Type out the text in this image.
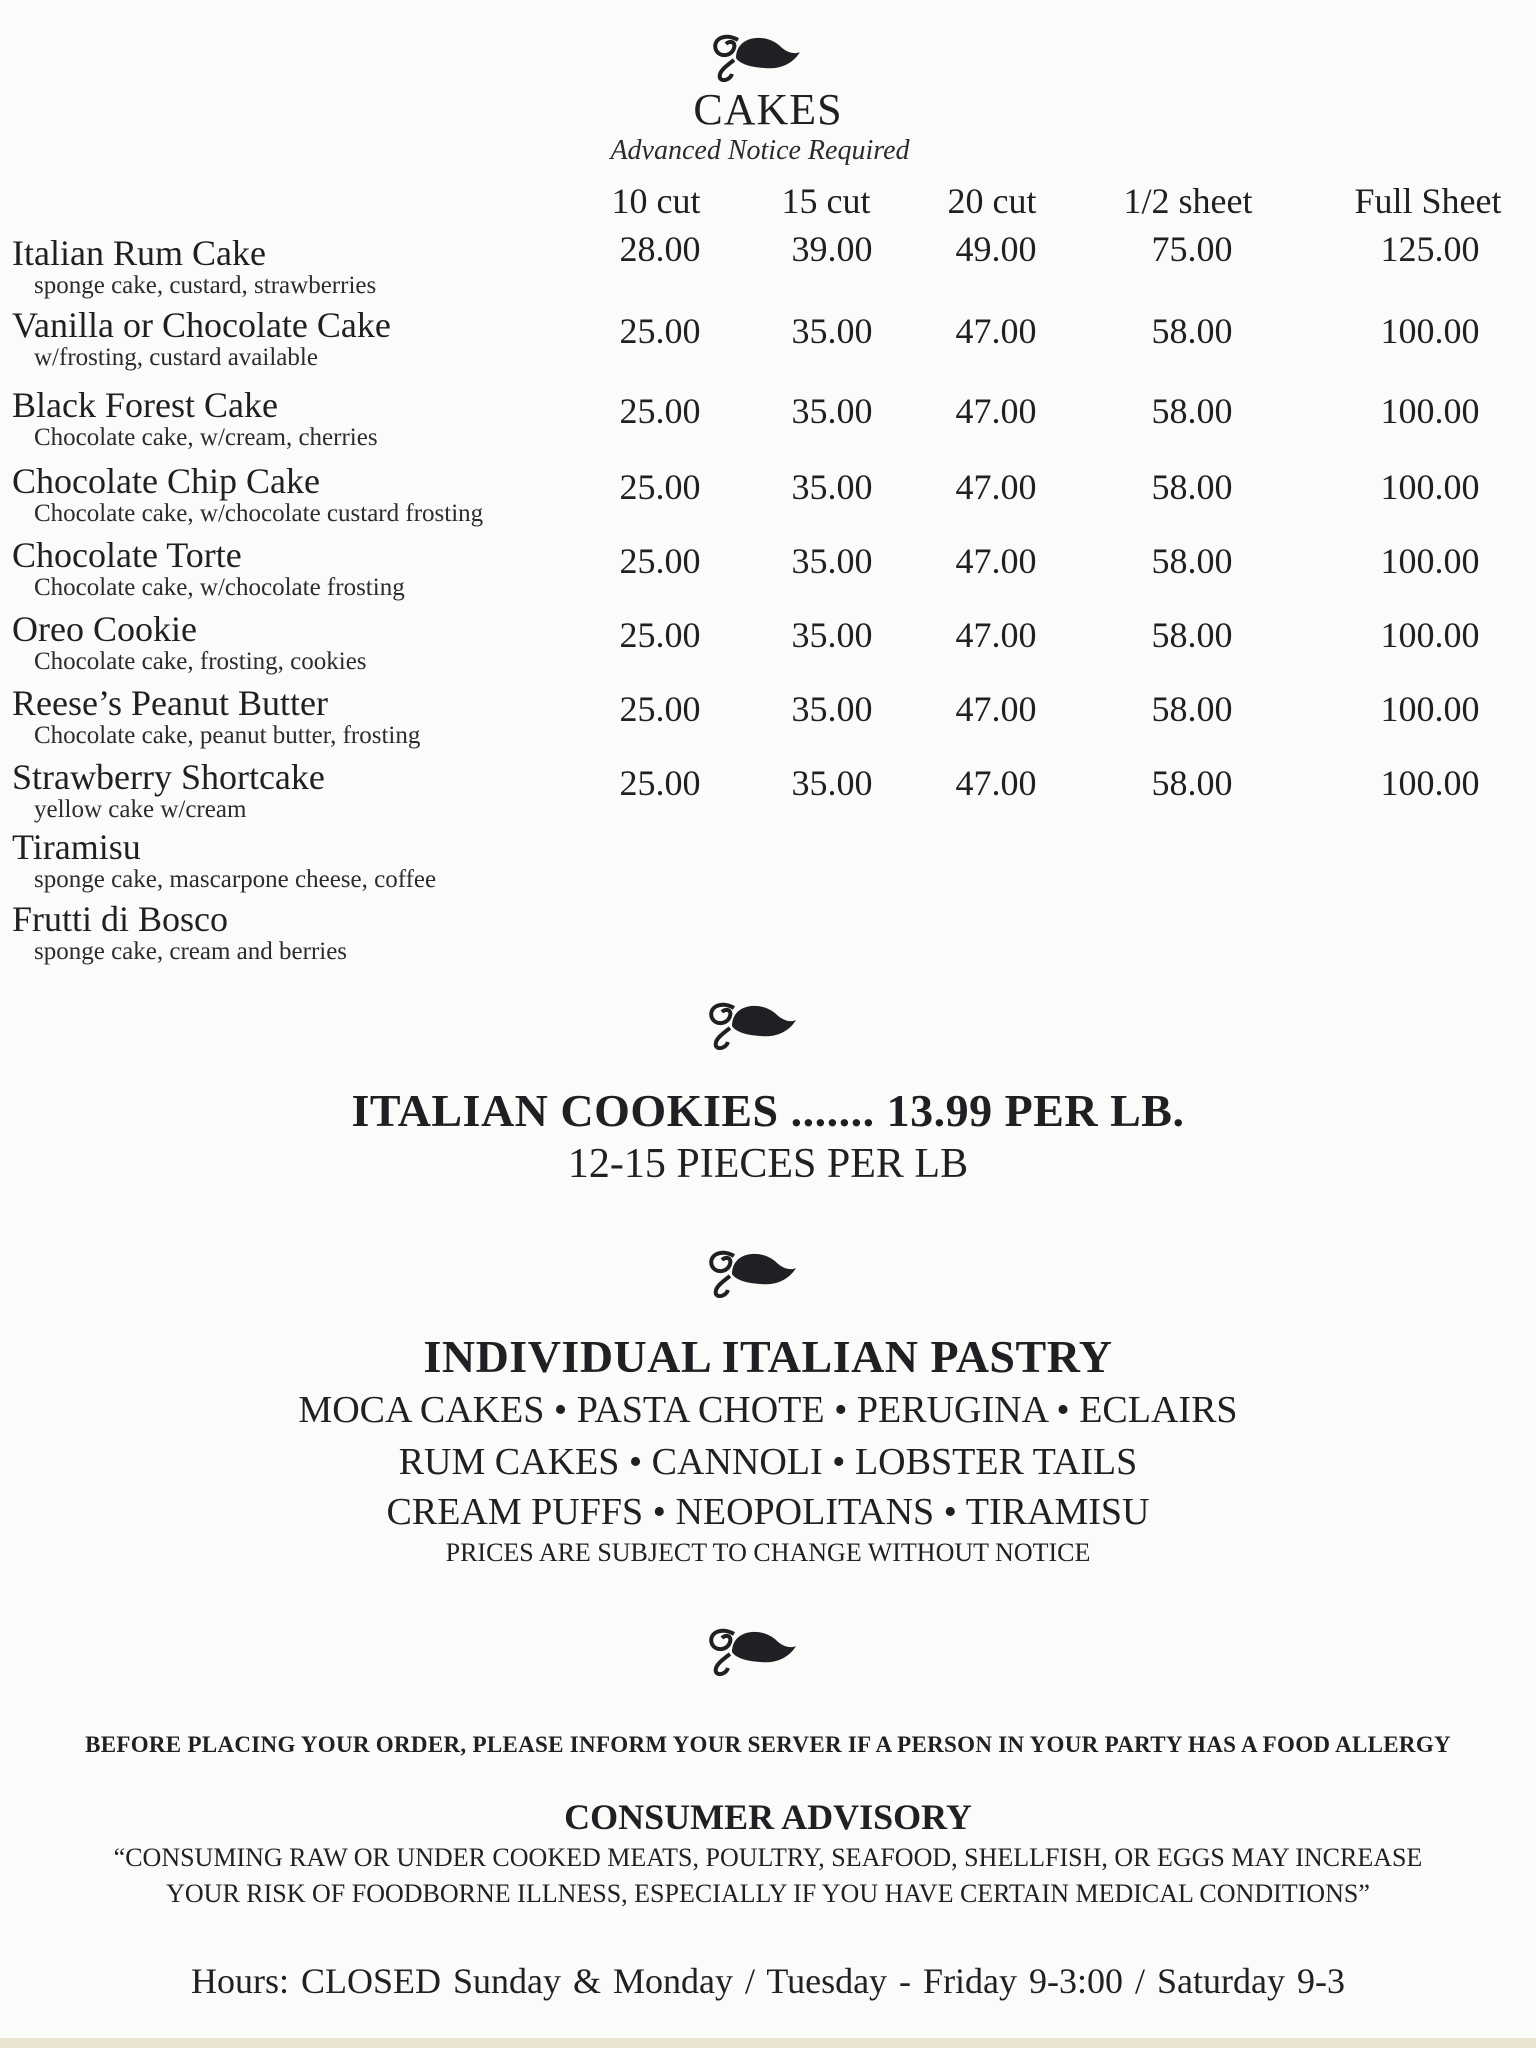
CAKES
Advanced Notice Required
10 cut	15 cut	20 cut	1/2 sheet	Full Sheet
Italian Rum Cake
sponge cake, custard, strawberries
28.00	39.00	49.00	75.00	125.00
Vanilla or Chocolate Cake
w/frosting, custard available
25.00	35.00	47.00	58.00	100.00
Black Forest Cake
Chocolate cake, w/cream, cherries
25.00	35.00	47.00	58.00	100.00
Chocolate Chip Cake
Chocolate cake, w/chocolate custard frosting
25.00	35.00	47.00	58.00	100.00
Chocolate Torte
Chocolate cake, w/chocolate frosting
25.00	35.00	47.00	58.00	100.00
Oreo Cookie
Chocolate cake, frosting, cookies
25.00	35.00	47.00	58.00	100.00
Reese’s Peanut Butter
Chocolate cake, peanut butter, frosting
25.00	35.00	47.00	58.00	100.00
Strawberry Shortcake
yellow cake w/cream
25.00	35.00	47.00	58.00	100.00
Tiramisu
sponge cake, mascarpone cheese, coffee
Frutti di Bosco
sponge cake, cream and berries
ITALIAN COOKIES ....... 13.99 PER LB.
12-15 PIECES PER LB
INDIVIDUAL ITALIAN PASTRY
MOCA CAKES • PASTA CHOTE • PERUGINA • ECLAIRS
RUM CAKES • CANNOLI • LOBSTER TAILS
CREAM PUFFS • NEOPOLITANS • TIRAMISU
PRICES ARE SUBJECT TO CHANGE WITHOUT NOTICE
BEFORE PLACING YOUR ORDER, PLEASE INFORM YOUR SERVER IF A PERSON IN YOUR PARTY HAS A FOOD ALLERGY
CONSUMER ADVISORY
“CONSUMING RAW OR UNDER COOKED MEATS, POULTRY, SEAFOOD, SHELLFISH, OR EGGS MAY INCREASE
YOUR RISK OF FOODBORNE ILLNESS, ESPECIALLY IF YOU HAVE CERTAIN MEDICAL CONDITIONS”
Hours: CLOSED Sunday & Monday / Tuesday - Friday 9-3:00 / Saturday 9-3
